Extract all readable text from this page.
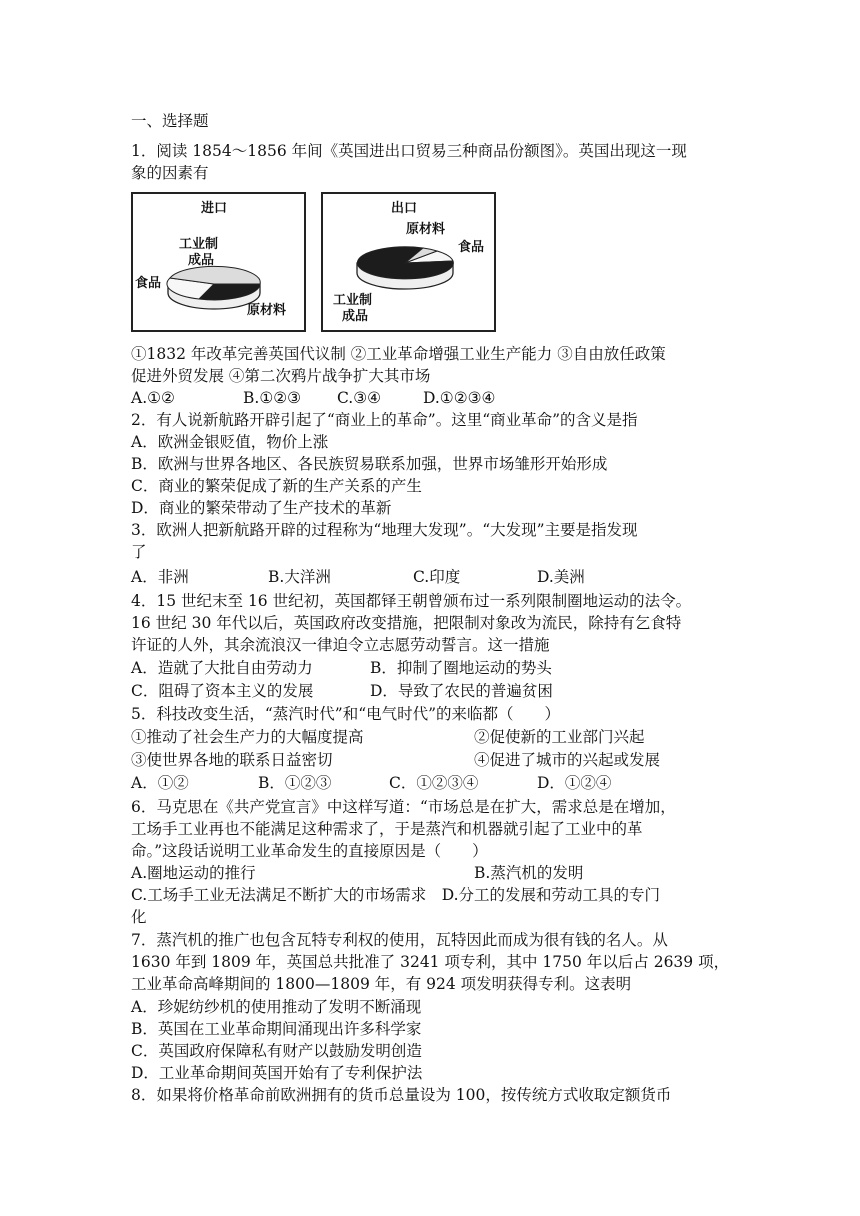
一、选择题
1．阅读 1854～1856 年间《英国进出口贸易三种商品份额图》。英国出现这一现
象的因素有
进口
工业制
成品
食品
原材料
出口
原材料
食品
工业制
成品
①1832 年改革完善英国代议制 ②工业革命增强工业生产能力 ③自由放任政策
促进外贸发展 ④第二次鸦片战争扩大其市场
A.①②	B.①②③ C.③④	D.①②③④
2．有人说新航路开辟引起了“商业上的革命”。这里“商业革命”的含义是指
A．欧洲金银贬值，物价上涨
B．欧洲与世界各地区、各民族贸易联系加强，世界市场雏形开始形成
C．商业的繁荣促成了新的生产关系的产生
D．商业的繁荣带动了生产技术的革新
3．欧洲人把新航路开辟的过程称为“地理大发现”。“大发现”主要是指发现
了
A．非洲	B.大洋洲	C.印度	D.美洲
4．15 世纪末至 16 世纪初，英国都铎王朝曾颁布过一系列限制圈地运动的法令。
16 世纪 30 年代以后，英国政府改变措施，把限制对象改为流民，除持有乞食特
许证的人外，其余流浪汉一律迫令立志愿劳动誓言。这一措施
A．造就了大批自由劳动力	B．抑制了圈地运动的势头
C．阻碍了资本主义的发展	D．导致了农民的普遍贫困
5．科技改变生活，“蒸汽时代”和“电气时代”的来临都（　　）
①推动了社会生产力的大幅度提高	②促使新的工业部门兴起
③使世界各地的联系日益密切	④促进了城市的兴起或发展
A．①②	B．①②③	C．①②③④	D．①②④
6．马克思在《共产党宣言》中这样写道：“市场总是在扩大，需求总是在增加，
工场手工业再也不能满足这种需求了，于是蒸汽和机器就引起了工业中的革
命。”这段话说明工业革命发生的直接原因是（　　）
A.圈地运动的推行	B.蒸汽机的发明
C.工场手工业无法满足不断扩大的市场需求　D.分工的发展和劳动工具的专门
化
7．蒸汽机的推广也包含瓦特专利权的使用，瓦特因此而成为很有钱的名人。从
1630 年到 1809 年，英国总共批准了 3241 项专利，其中 1750 年以后占 2639 项，
工业革命高峰期间的 1800—1809 年，有 924 项发明获得专利。这表明
A．珍妮纺纱机的使用推动了发明不断涌现
B．英国在工业革命期间涌现出许多科学家
C．英国政府保障私有财产以鼓励发明创造
D．工业革命期间英国开始有了专利保护法
8．如果将价格革命前欧洲拥有的货币总量设为 100，按传统方式收取定额货币
